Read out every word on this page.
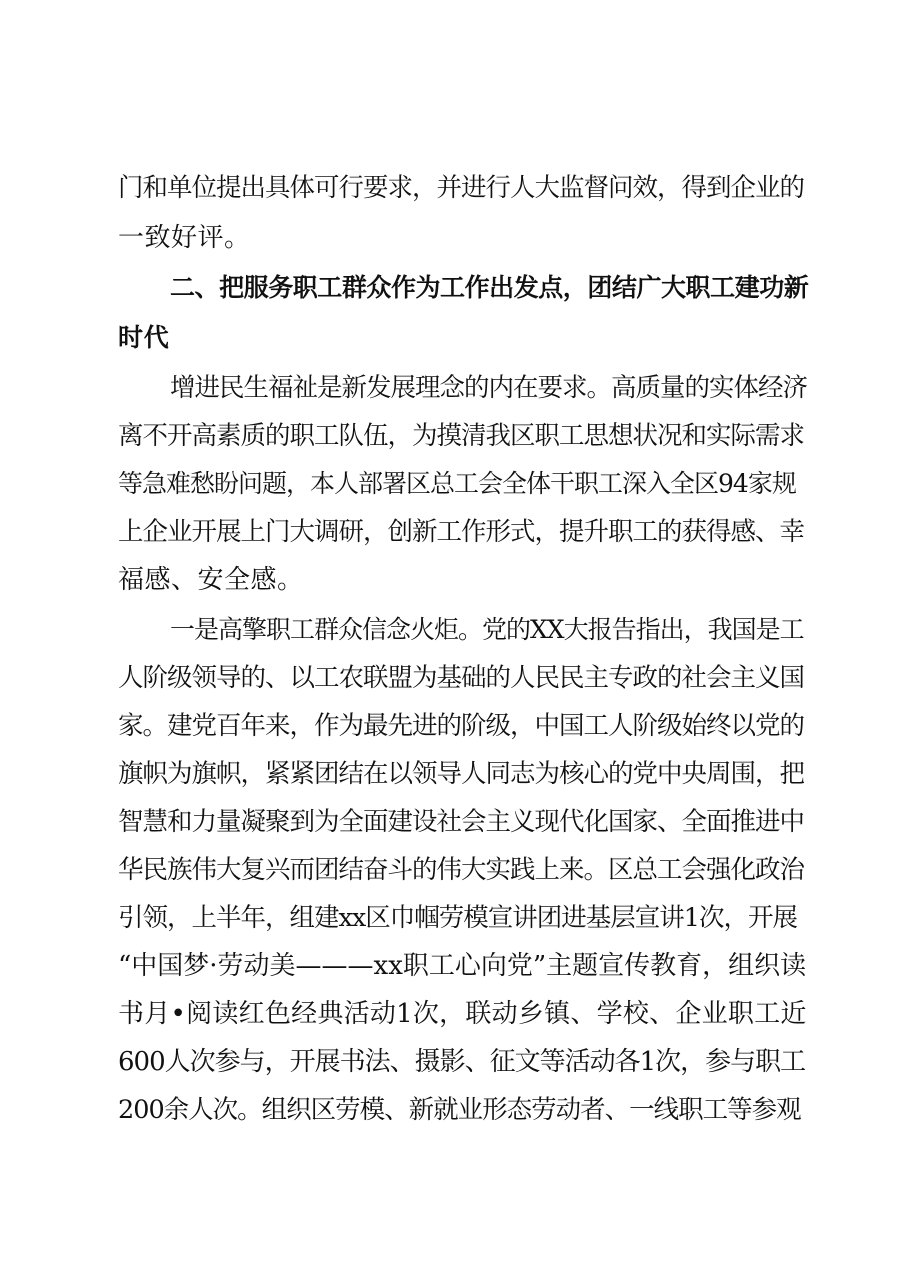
门和单位提出具体可行要求，并进行人大监督问效，得到企业的
一致好评。
二、把服务职工群众作为工作出发点，团结广大职工建功新
时代
增进民生福祉是新发展理念的内在要求。高质量的实体经济
离不开高素质的职工队伍，为摸清我区职工思想状况和实际需求
等急难愁盼问题，本人部署区总工会全体干职工深入全区94家规
上企业开展上门大调研，创新工作形式，提升职工的获得感、幸
福感、安全感。
一是高擎职工群众信念火炬。党的XX大报告指出，我国是工
人阶级领导的、以工农联盟为基础的人民民主专政的社会主义国
家。建党百年来，作为最先进的阶级，中国工人阶级始终以党的
旗帜为旗帜，紧紧团结在以领导人同志为核心的党中央周围，把
智慧和力量凝聚到为全面建设社会主义现代化国家、全面推进中
华民族伟大复兴而团结奋斗的伟大实践上来。区总工会强化政治
引领，上半年，组建xx区巾帼劳模宣讲团进基层宣讲1次，开展
“中国梦·劳动美———xx职工心向党”主题宣传教育，组织读
书月•阅读红色经典活动1次，联动乡镇、学校、企业职工近
600人次参与，开展书法、摄影、征文等活动各1次，参与职工
200余人次。组织区劳模、新就业形态劳动者、一线职工等参观
